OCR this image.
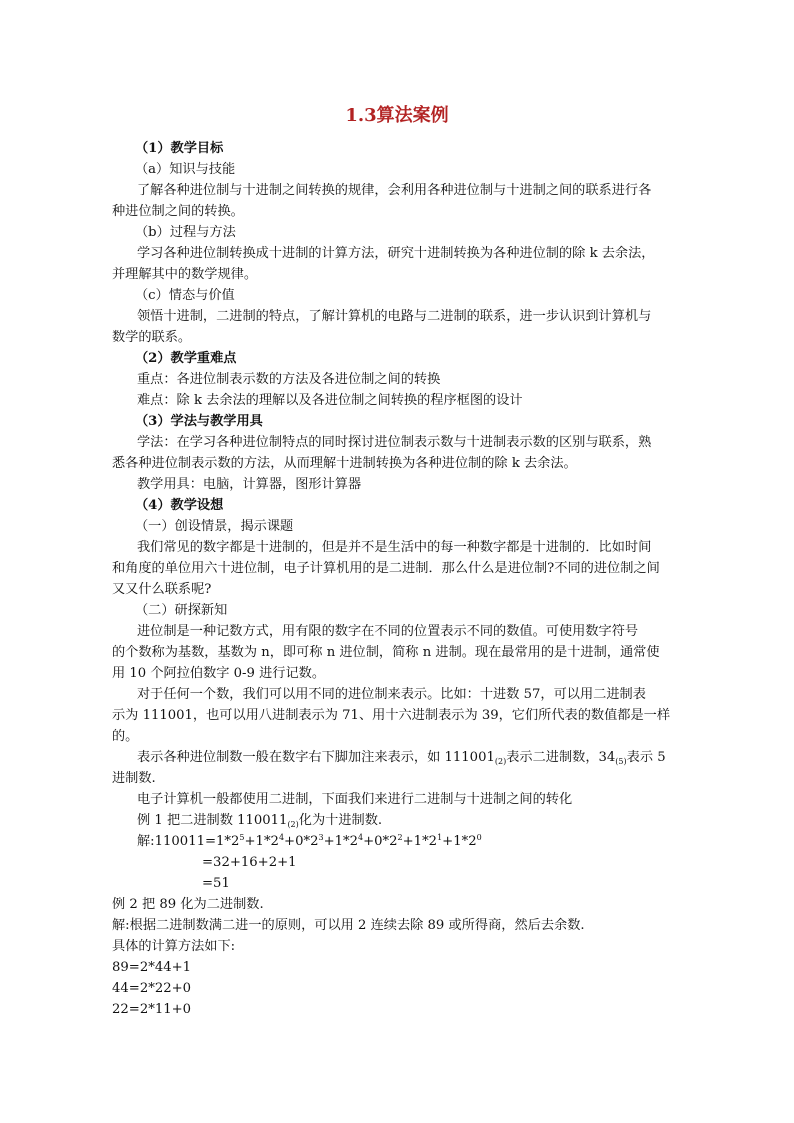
1.3算法案例
（1）教学目标
（a）知识与技能
了解各种进位制与十进制之间转换的规律，会利用各种进位制与十进制之间的联系进行各
种进位制之间的转换。
（b）过程与方法
学习各种进位制转换成十进制的计算方法，研究十进制转换为各种进位制的除 k 去余法，
并理解其中的数学规律。
（c）情态与价值
领悟十进制，二进制的特点，了解计算机的电路与二进制的联系，进一步认识到计算机与
数学的联系。
（2）教学重难点
重点：各进位制表示数的方法及各进位制之间的转换
难点：除 k 去余法的理解以及各进位制之间转换的程序框图的设计
（3）学法与教学用具
学法：在学习各种进位制特点的同时探讨进位制表示数与十进制表示数的区别与联系，熟
悉各种进位制表示数的方法，从而理解十进制转换为各种进位制的除 k 去余法。
教学用具：电脑，计算器，图形计算器
（4）教学设想
（一）创设情景，揭示课题
我们常见的数字都是十进制的，但是并不是生活中的每一种数字都是十进制的．比如时间
和角度的单位用六十进位制，电子计算机用的是二进制．那么什么是进位制?不同的进位制之间
又又什么联系呢?
（二）研探新知
进位制是一种记数方式，用有限的数字在不同的位置表示不同的数值。可使用数字符号
的个数称为基数，基数为 n，即可称 n 进位制，简称 n 进制。现在最常用的是十进制，通常使
用 10 个阿拉伯数字 0-9 进行记数。
对于任何一个数，我们可以用不同的进位制来表示。比如：十进数 57，可以用二进制表
示为 111001，也可以用八进制表示为 71、用十六进制表示为 39，它们所代表的数值都是一样
的。
表示各种进位制数一般在数字右下脚加注来表示，如 $111001_{(2)}$表示二进制数，$34_{(5)}$表示 5
进制数.
电子计算机一般都使用二进制，下面我们来进行二进制与十进制之间的转化
例 1 把二进制数 $110011_{(2)}$化为十进制数.
解$:110011=1*2^5+1*2^4+0*2^3+1*2^4+0*2^2+1*2^1+1*2^0$
=32+16+2+1
=51
例 2 把 89 化为二进制数.
解:根据二进制数满二进一的原则，可以用 2 连续去除 89 或所得商，然后去余数.
具体的计算方法如下:
89=2*44+1
44=2*22+0
22=2*11+0
